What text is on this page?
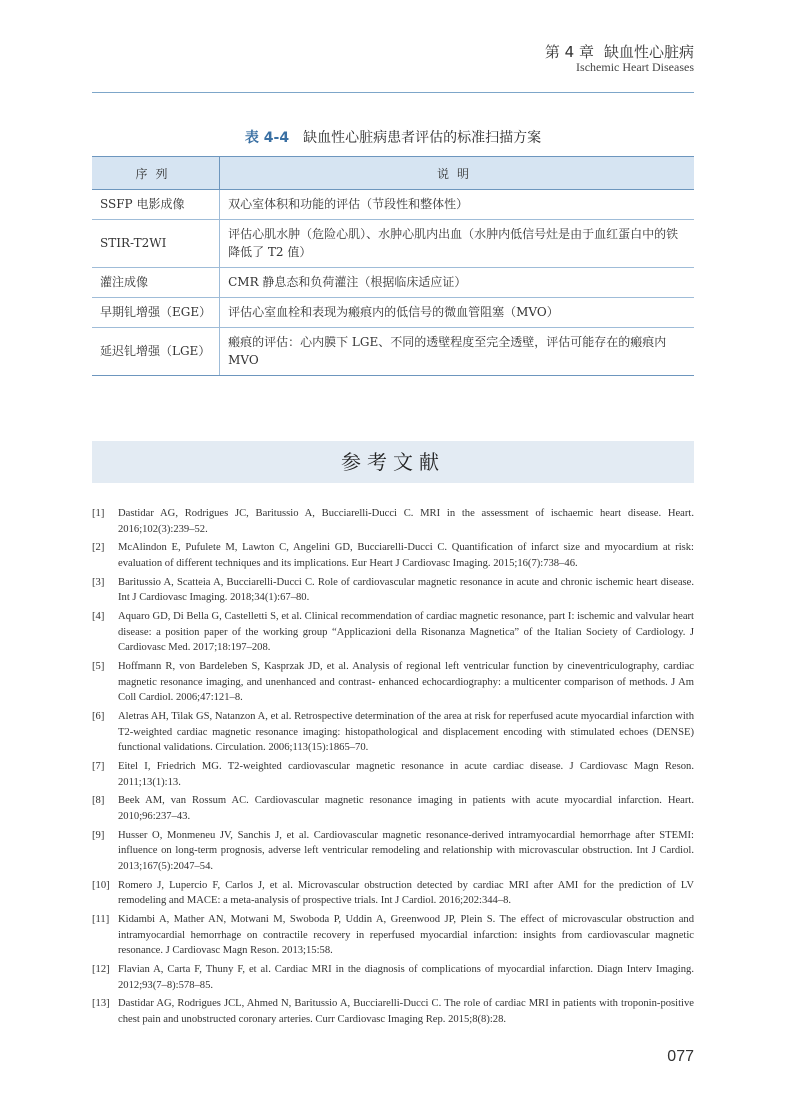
第 4 章 缺血性心脏病
Ischemic Heart Diseases
表 4-4 缺血性心脏病患者评估的标准扫描方案
序列	说明
SSFP 电影成像	双心室体积和功能的评估（节段性和整体性）
STIR-T2WI	评估心肌水肿（危险心肌）、水肿心肌内出血（水肿内低信号灶是由于血红蛋白中的铁降低了 T2 值）
灌注成像	CMR 静息态和负荷灌注（根据临床适应证）
早期钆增强（EGE）	评估心室血栓和表现为瘢痕内的低信号的微血管阻塞（MVO）
延迟钆增强（LGE）	瘢痕的评估：心内膜下 LGE、不同的透壁程度至完全透壁，评估可能存在的瘢痕内 MVO
参考文献
[1]	Dastidar AG, Rodrigues JC, Baritussio A, Bucciarelli-Ducci C. MRI in the assessment of ischaemic heart disease. Heart. 2016;102(3):239–52.
[2]	McAlindon E, Pufulete M, Lawton C, Angelini GD, Bucciarelli-Ducci C. Quantification of infarct size and myocardium at risk: evaluation of different techniques and its implications. Eur Heart J Cardiovasc Imaging. 2015;16(7):738–46.
[3]	Baritussio A, Scatteia A, Bucciarelli-Ducci C. Role of cardiovascular magnetic resonance in acute and chronic ischemic heart disease. Int J Cardiovasc Imaging. 2018;34(1):67–80.
[4]	Aquaro GD, Di Bella G, Castelletti S, et al. Clinical recommendation of cardiac magnetic resonance, part I: ischemic and valvular heart disease: a position paper of the working group “Applicazioni della Risonanza Magnetica” of the Italian Society of Cardiology. J Cardiovasc Med. 2017;18:197–208.
[5]	Hoffmann R, von Bardeleben S, Kasprzak JD, et al. Analysis of regional left ventricular function by cineventriculography, cardiac magnetic resonance imaging, and unenhanced and contrast- enhanced echocardiography: a multicenter comparison of methods. J Am Coll Cardiol. 2006;47:121–8.
[6]	Aletras AH, Tilak GS, Natanzon A, et al. Retrospective determination of the area at risk for reperfused acute myocardial infarction with T2-weighted cardiac magnetic resonance imaging: histopathological and displacement encoding with stimulated echoes (DENSE) functional validations. Circulation. 2006;113(15):1865–70.
[7]	Eitel I, Friedrich MG. T2-weighted cardiovascular magnetic resonance in acute cardiac disease. J Cardiovasc Magn Reson. 2011;13(1):13.
[8]	Beek AM, van Rossum AC. Cardiovascular magnetic resonance imaging in patients with acute myocardial infarction. Heart. 2010;96:237–43.
[9]	Husser O, Monmeneu JV, Sanchis J, et al. Cardiovascular magnetic resonance-derived intramyocardial hemorrhage after STEMI: influence on long-term prognosis, adverse left ventricular remodeling and relationship with microvascular obstruction. Int J Cardiol. 2013;167(5):2047–54.
[10] Romero J, Lupercio F, Carlos J, et al. Microvascular obstruction detected by cardiac MRI after AMI for the prediction of LV remodeling and MACE: a meta-analysis of prospective trials. Int J Cardiol. 2016;202:344–8.
[11] Kidambi A, Mather AN, Motwani M, Swoboda P, Uddin A, Greenwood JP, Plein S. The effect of microvascular obstruction and intramyocardial hemorrhage on contractile recovery in reperfused myocardial infarction: insights from cardiovascular magnetic resonance. J Cardiovasc Magn Reson. 2013;15:58.
[12] Flavian A, Carta F, Thuny F, et al. Cardiac MRI in the diagnosis of complications of myocardial infarction. Diagn Interv Imaging. 2012;93(7–8):578–85.
[13] Dastidar AG, Rodrigues JCL, Ahmed N, Baritussio A, Bucciarelli-Ducci C. The role of cardiac MRI in patients with troponin-positive chest pain and unobstructed coronary arteries. Curr Cardiovasc Imaging Rep. 2015;8(8):28.
077
